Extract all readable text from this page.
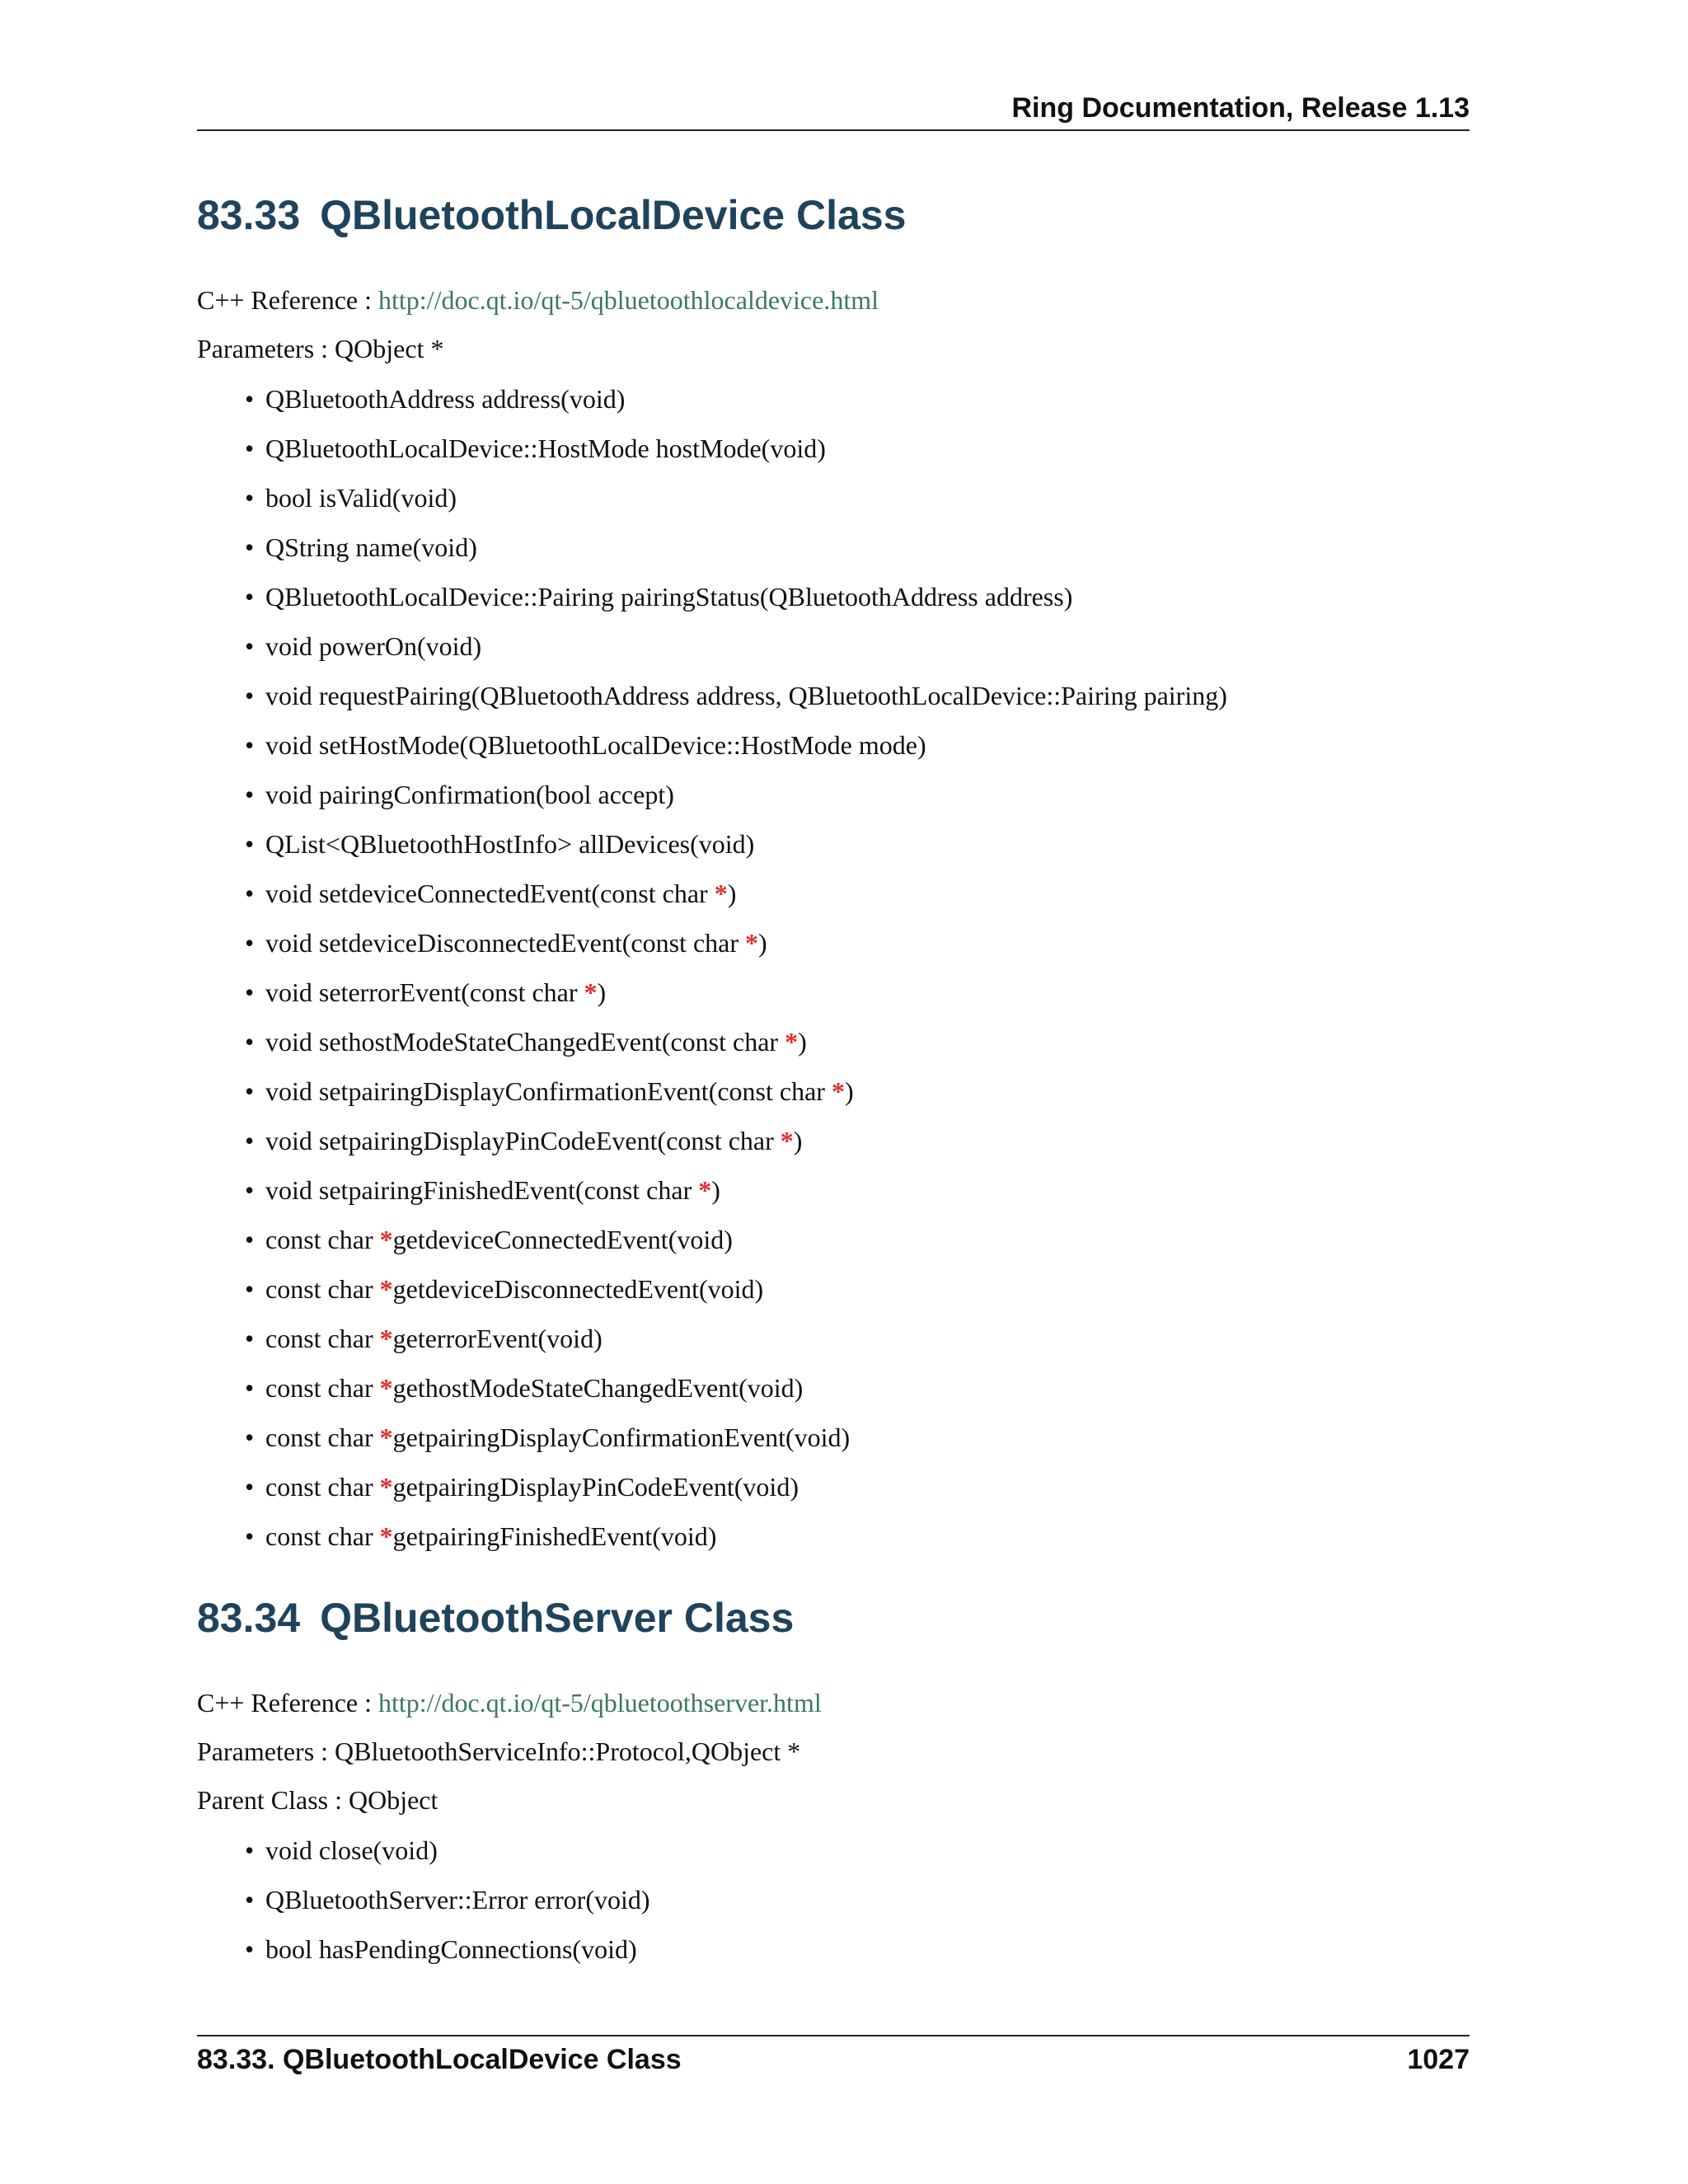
Ring Documentation, Release 1.13
83.33 QBluetoothLocalDevice Class
C++ Reference : http://doc.qt.io/qt-5/qbluetoothlocaldevice.html
Parameters : QObject *
• QBluetoothAddress address(void)
• QBluetoothLocalDevice::HostMode hostMode(void)
• bool isValid(void)
• QString name(void)
• QBluetoothLocalDevice::Pairing pairingStatus(QBluetoothAddress address)
• void powerOn(void)
• void requestPairing(QBluetoothAddress address, QBluetoothLocalDevice::Pairing pairing)
• void setHostMode(QBluetoothLocalDevice::HostMode mode)
• void pairingConfirmation(bool accept)
• QList<QBluetoothHostInfo> allDevices(void)
• void setdeviceConnectedEvent(const char *)
• void setdeviceDisconnectedEvent(const char *)
• void seterrorEvent(const char *)
• void sethostModeStateChangedEvent(const char *)
• void setpairingDisplayConfirmationEvent(const char *)
• void setpairingDisplayPinCodeEvent(const char *)
• void setpairingFinishedEvent(const char *)
• const char *getdeviceConnectedEvent(void)
• const char *getdeviceDisconnectedEvent(void)
• const char *geterrorEvent(void)
• const char *gethostModeStateChangedEvent(void)
• const char *getpairingDisplayConfirmationEvent(void)
• const char *getpairingDisplayPinCodeEvent(void)
• const char *getpairingFinishedEvent(void)
83.34 QBluetoothServer Class
C++ Reference : http://doc.qt.io/qt-5/qbluetoothserver.html
Parameters : QBluetoothServiceInfo::Protocol,QObject *
Parent Class : QObject
• void close(void)
• QBluetoothServer::Error error(void)
• bool hasPendingConnections(void)
83.33. QBluetoothLocalDevice Class	1027
